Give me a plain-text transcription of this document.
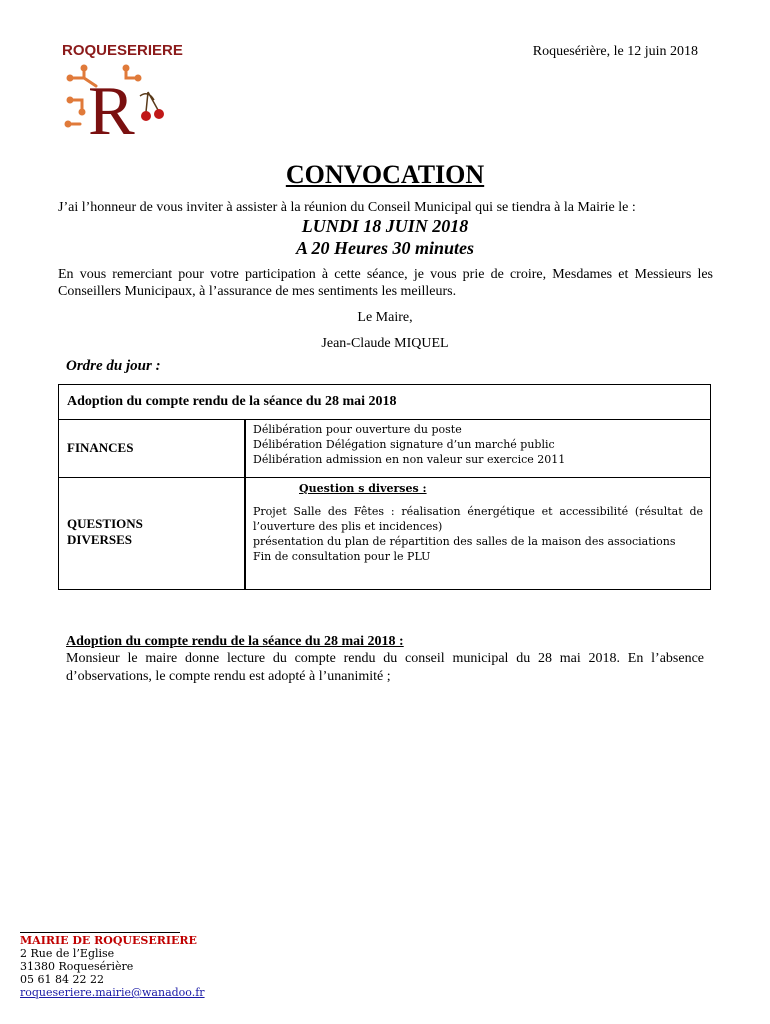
ROQUESERIERE
R
Roquesérière, le 12 juin 2018
CONVOCATION
J’ai l’honneur de vous inviter à assister à la réunion du Conseil Municipal qui se tiendra à la Mairie le :
LUNDI 18 JUIN 2018
A 20 Heures 30 minutes
En vous remerciant pour votre participation à cette séance, je vous prie de croire, Mesdames et Messieurs les Conseillers Municipaux, à l’assurance de mes sentiments les meilleurs.
Le Maire,
Jean-Claude MIQUEL
Ordre du jour :
Adoption du compte rendu de la séance du 28 mai 2018
FINANCES
Délibération pour ouverture du poste
Délibération Délégation signature d’un marché public
Délibération admission en non valeur sur exercice 2011
QUESTIONS
DIVERSES
Question s diverses :
Projet Salle des Fêtes : réalisation énergétique et accessibilité (résultat de l’ouverture des plis et incidences)
présentation du plan de répartition des salles de la maison des associations
Fin de consultation pour le PLU
Adoption du compte rendu de la séance du 28 mai 2018 :
Monsieur le maire donne lecture du compte rendu du conseil municipal du 28 mai 2018. En l’absence d’observations, le compte rendu est adopté à l’unanimité ;
MAIRIE DE ROQUESERIERE
2 Rue de l’Eglise
31380 Roquesérière
05 61 84 22 22
roqueseriere.mairie@wanadoo.fr
